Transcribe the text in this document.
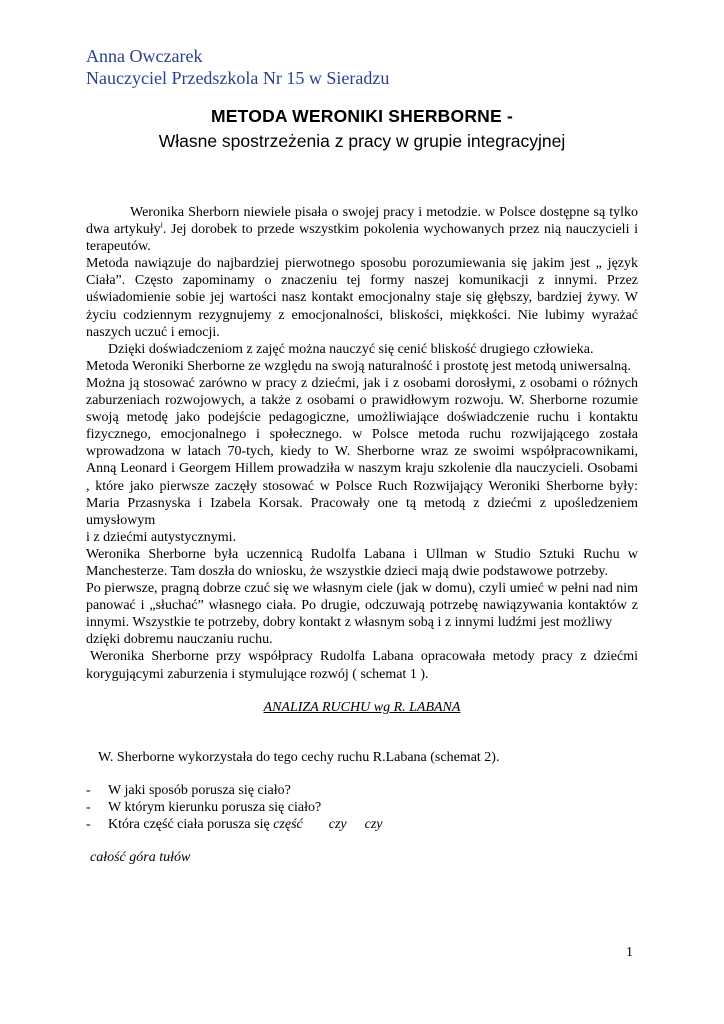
Anna Owczarek
Nauczyciel Przedszkola Nr 15 w Sieradzu
METODA WERONIKI SHERBORNE -
Własne spostrzeżenia z pracy w grupie integracyjnej

Weronika Sherborn niewiele pisała o swojej pracy i metodzie. w Polsce dostępne są tylko dwa artykuły$^i$. Jej dorobek to przede wszystkim pokolenia wychowanych przez nią nauczycieli i terapeutów.

Metoda nawiązuje do najbardziej pierwotnego sposobu porozumiewania się jakim jest „ język Ciała”. Często zapominamy o znaczeniu tej formy naszej komunikacji z innymi. Przez uświadomienie sobie jej wartości nasz kontakt emocjonalny staje się głębszy, bardziej żywy. W życiu codziennym rezygnujemy z emocjonalności, bliskości, miękkości. Nie lubimy wyrażać naszych uczuć i emocji.

Dzięki doświadczeniom z zajęć można nauczyć się cenić bliskość drugiego człowieka.

Metoda Weroniki Sherborne ze względu na swoją naturalność i prostotę jest metodą uniwersalną.

Można ją stosować zarówno w pracy z dziećmi, jak i z osobami dorosłymi, z osobami o różnych zaburzeniach rozwojowych, a także z osobami o prawidłowym rozwoju. W. Sherborne rozumie swoją metodę jako podejście pedagogiczne, umożliwiające doświadczenie ruchu i kontaktu fizycznego, emocjonalnego i społecznego. w Polsce metoda ruchu rozwijającego została wprowadzona w latach 70-tych, kiedy to W. Sherborne wraz ze swoimi współpracownikami, Anną Leonard i Georgem Hillem prowadziła w naszym kraju szkolenie dla nauczycieli. Osobami , które jako pierwsze zaczęły stosować w Polsce Ruch Rozwijający Weroniki Sherborne były: Maria Przasnyska i Izabela Korsak. Pracowały one tą metodą z dziećmi z upośledzeniem umysłowym

i z dziećmi autystycznymi.

Weronika Sherborne była uczennicą Rudolfa Labana i Ullman w Studio Sztuki Ruchu w Manchesterze. Tam doszła do wniosku, że wszystkie dzieci mają dwie podstawowe potrzeby.

Po pierwsze, pragną dobrze czuć się we własnym ciele (jak w domu), czyli umieć w pełni nad nim panować i „słuchać” własnego ciała. Po drugie, odczuwają potrzebę nawiązywania kontaktów z innymi. Wszystkie te potrzeby, dobry kontakt z własnym sobą i z innymi ludźmi jest możliwy

dzięki dobremu nauczaniu ruchu.

Weronika Sherborne przy współpracy Rudolfa Labana opracowała metody pracy z dziećmi korygującymi zaburzenia i stymulujące rozwój ( schemat 1 ).

ANALIZA RUCHU wg R. LABANA

W. Sherborne wykorzystała do tego cechy ruchu R.Labana (schemat 2).

- W jaki sposób porusza się ciało?
- W którym kierunku porusza się ciało?
- Która część ciała porusza się część czy czy

całość góra tułów

1
